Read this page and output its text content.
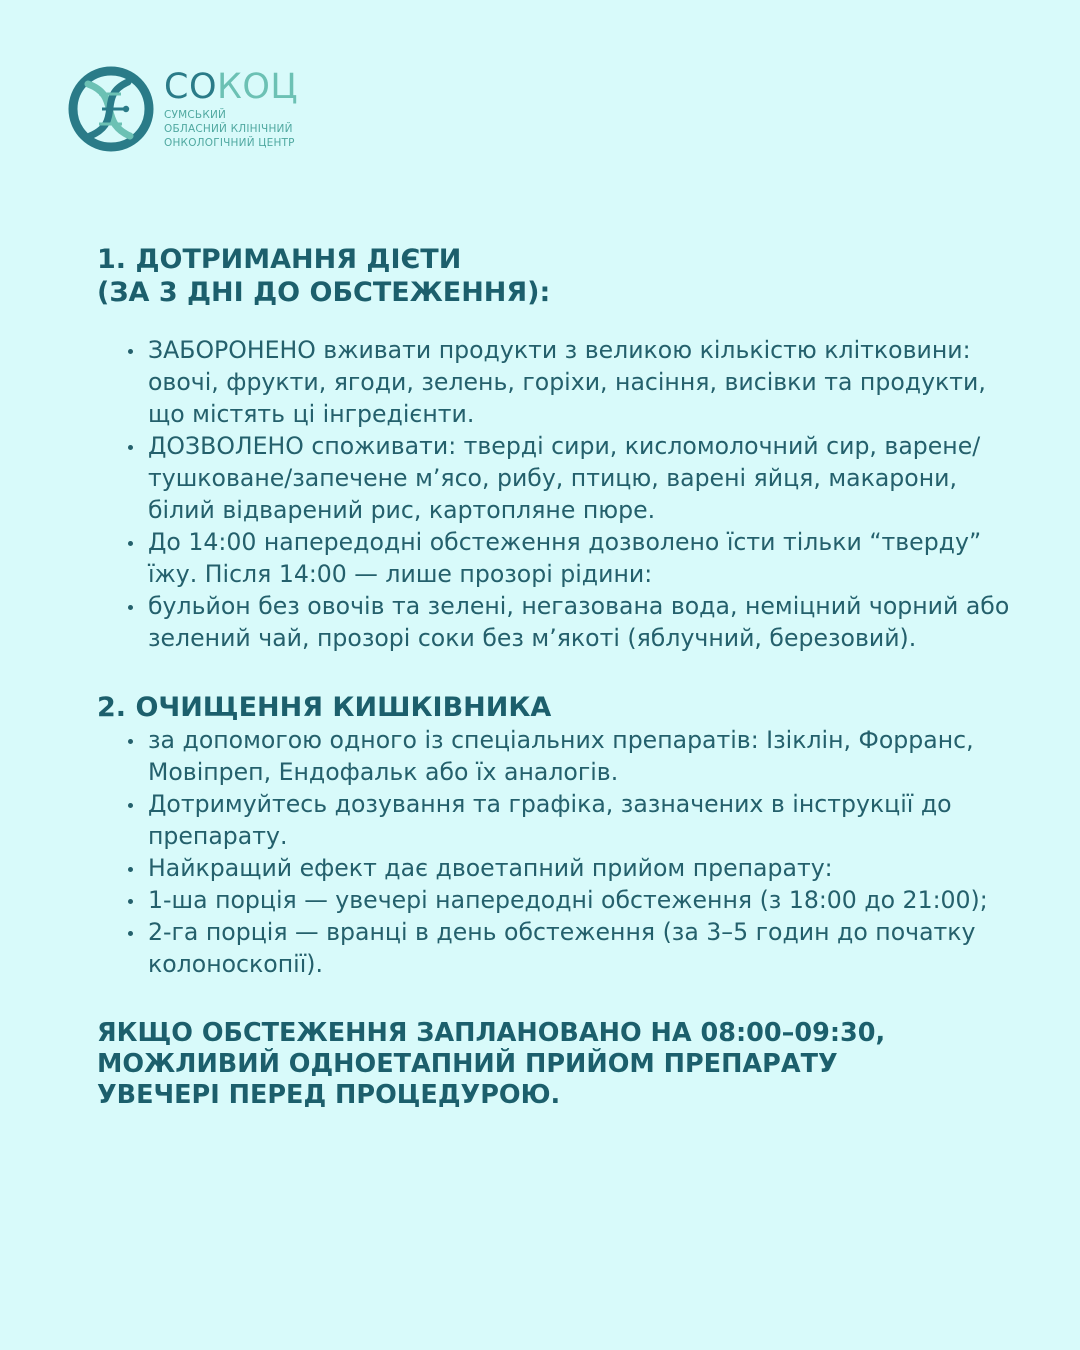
СОКОЦ
СУМСЬКИЙ
ОБЛАСНИЙ КЛІНІЧНИЙ
ОНКОЛОГІЧНИЙ ЦЕНТР
1. ДОТРИМАННЯ ДІЄТИ
(ЗА 3 ДНІ ДО ОБСТЕЖЕННЯ):
ЗАБОРОНЕНО вживати продукти з великою кількістю клітковини: овочі, фрукти, ягоди, зелень, горіхи, насіння, висівки та продукти, що містять ці інгредієнти.
ДОЗВОЛЕНО споживати: тверді сири, кисломолочний сир, варене/тушковане/запечене м’ясо, рибу, птицю, варені яйця, макарони, білий відварений рис, картопляне пюре.
До 14:00 напередодні обстеження дозволено їсти тільки “тверду” їжу. Після 14:00 — лише прозорі рідини:
бульйон без овочів та зелені, негазована вода, неміцний чорний або зелений чай, прозорі соки без м’якоті (яблучний, березовий).
2. ОЧИЩЕННЯ КИШКІВНИКА
за допомогою одного із спеціальних препаратів: Ізіклін, Форранс, Мовіпреп, Ендофальк або їх аналогів.
Дотримуйтесь дозування та графіка, зазначених в інструкції до препарату.
Найкращий ефект дає двоетапний прийом препарату:
1-ша порція — увечері напередодні обстеження (з 18:00 до 21:00);
2-га порція — вранці в день обстеження (за 3–5 годин до початку колоноскопії).
ЯКЩО ОБСТЕЖЕННЯ ЗАПЛАНОВАНО НА 08:00–09:30,
МОЖЛИВИЙ ОДНОЕТАПНИЙ ПРИЙОМ ПРЕПАРАТУ
УВЕЧЕРІ ПЕРЕД ПРОЦЕДУРОЮ.
